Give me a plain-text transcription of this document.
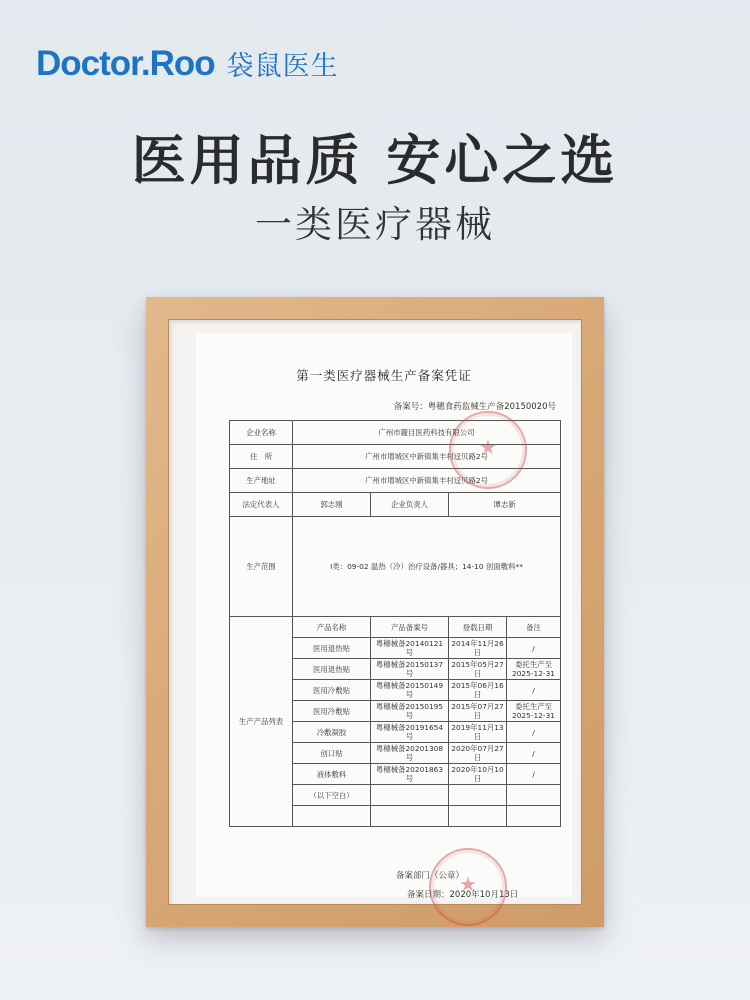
Doctor.Roo 袋鼠医生
医用品质 安心之选
一类医疗器械
第一类医疗器械生产备案凭证
备案号：粤穗食药监械生产备20150020号
企业名称	广州市麗目医药科技有限公司			
住　所	广州市增城区中新镇集丰村迳贝路2号			
生产地址	广州市增城区中新镇集丰村迳贝路2号			
法定代表人	郭志刚	企业负责人	谭志新	
生产范围	I类：09-02 温热（冷）治疗设备/器具；14-10 创面敷料**			
生产产品列表	产品名称	产品备案号	登载日期	备注
	医用退热贴	粤穗械备20140121号	2014年11月26日	/
	医用退热贴	粤穗械备20150137号	2015年05月27日	委托生产至2025-12-31
	医用冷敷贴	粤穗械备20150149号	2015年06月16日	/
	医用冷敷贴	粤穗械备20150195号	2015年07月27日	委托生产至2025-12-31
	冷敷凝胶	粤穗械备20191654号	2019年11月13日	/
	创口贴	粤穗械备20201308号	2020年07月27日	/
	液体敷料	粤穗械备20201863号	2020年10月10日	/
	（以下空白）			

备案部门（公章）
备案日期：2020年10月13日
★
★
